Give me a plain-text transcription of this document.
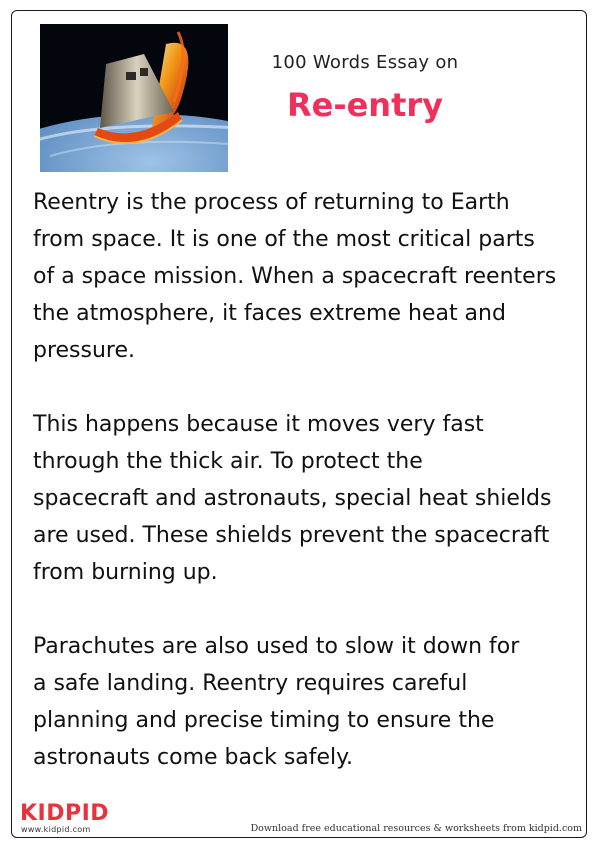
100 Words Essay on
Re-entry

Reentry is the process of returning to Earth
from space. It is one of the most critical parts
of a space mission. When a spacecraft reenters
the atmosphere, it faces extreme heat and
pressure.

This happens because it moves very fast
through the thick air. To protect the
spacecraft and astronauts, special heat shields
are used. These shields prevent the spacecraft
from burning up.

Parachutes are also used to slow it down for
a safe landing. Reentry requires careful
planning and precise timing to ensure the
astronauts come back safely.

KIDPID
www.kidpid.com	Download free educational resources & worksheets from kidpid.com
